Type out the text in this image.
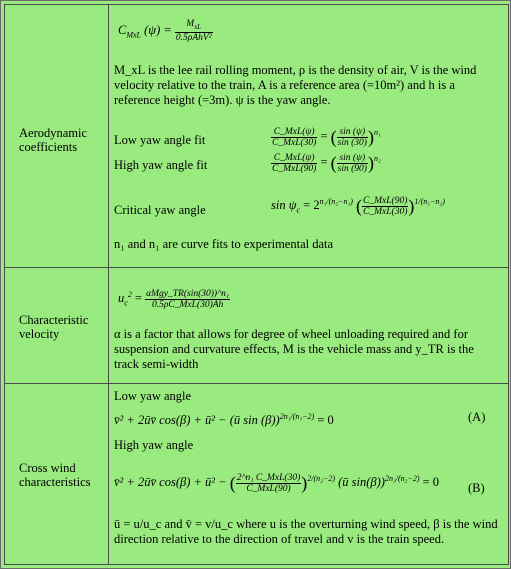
Aerodynamic coefficients
$C_{MxL}$ $(\psi) = \frac{M_{xL}}{\text{0.5ρAhV²}}$
M_xL is the lee rail rolling moment, ρ is the density of air, V is the wind velocity relative to the train, A is a reference area (=10m²) and h is a reference height (=3m). ψ is the yaw angle.
Low yaw angle fit	$\frac{\text{C\_MxL(ψ)}}{\text{C\_MxL(30)}}$ = ( $\frac{\sin (\psi)}{\sin (30)} )^{n_1}$
High yaw angle fit	$\frac{\text{C\_MxL(ψ)}}{\text{C\_MxL(90)}}$ = ( $\frac{\sin (\psi)}{\sin (90)} )^{n_2}$
Critical yaw angle	$\sin \psi_c = 2^{n_1/(n_2-n_1)}$ ( $\frac{\text{C\_MxL(90)}}{\text{C\_MxL(30)}} )^{1/(n_1-n_2)}$
n₁ and n₁ are curve fits to experimental data
Characteristic velocity
$u_c^2 = \frac{\text{αMgy\_TR(sin(30))\textasciicircum{}n₁}}{\text{0.5ρC\_MxL(30)Ah}}$
α is a factor that allows for degree of wheel unloading required and for suspension and curvature effects, M is the vehicle mass and y_TR is the track semi-width
Cross wind characteristics
Low yaw angle
v̄² + 2ūv̄ cos(β) + ū² − (ū sin (β))$^{2n_1/(n_1-2)}$ = 0	(A)
High yaw angle
v̄² + 2ūv̄ cos(β) + ū² − ( $\frac{\text{2\textasciicircum{}n₁ C\_MxL(30)}}{\text{C\_MxL(90)}} )^{2/(n_2-2)}$ (ū sin(β))$^{2n_2/(n_2-2)}$ = 0 (B)
ū = u/u_c and v̄ = v/u_c where u is the overturning wind speed, β is the wind direction relative to the direction of travel and v is the train speed.
